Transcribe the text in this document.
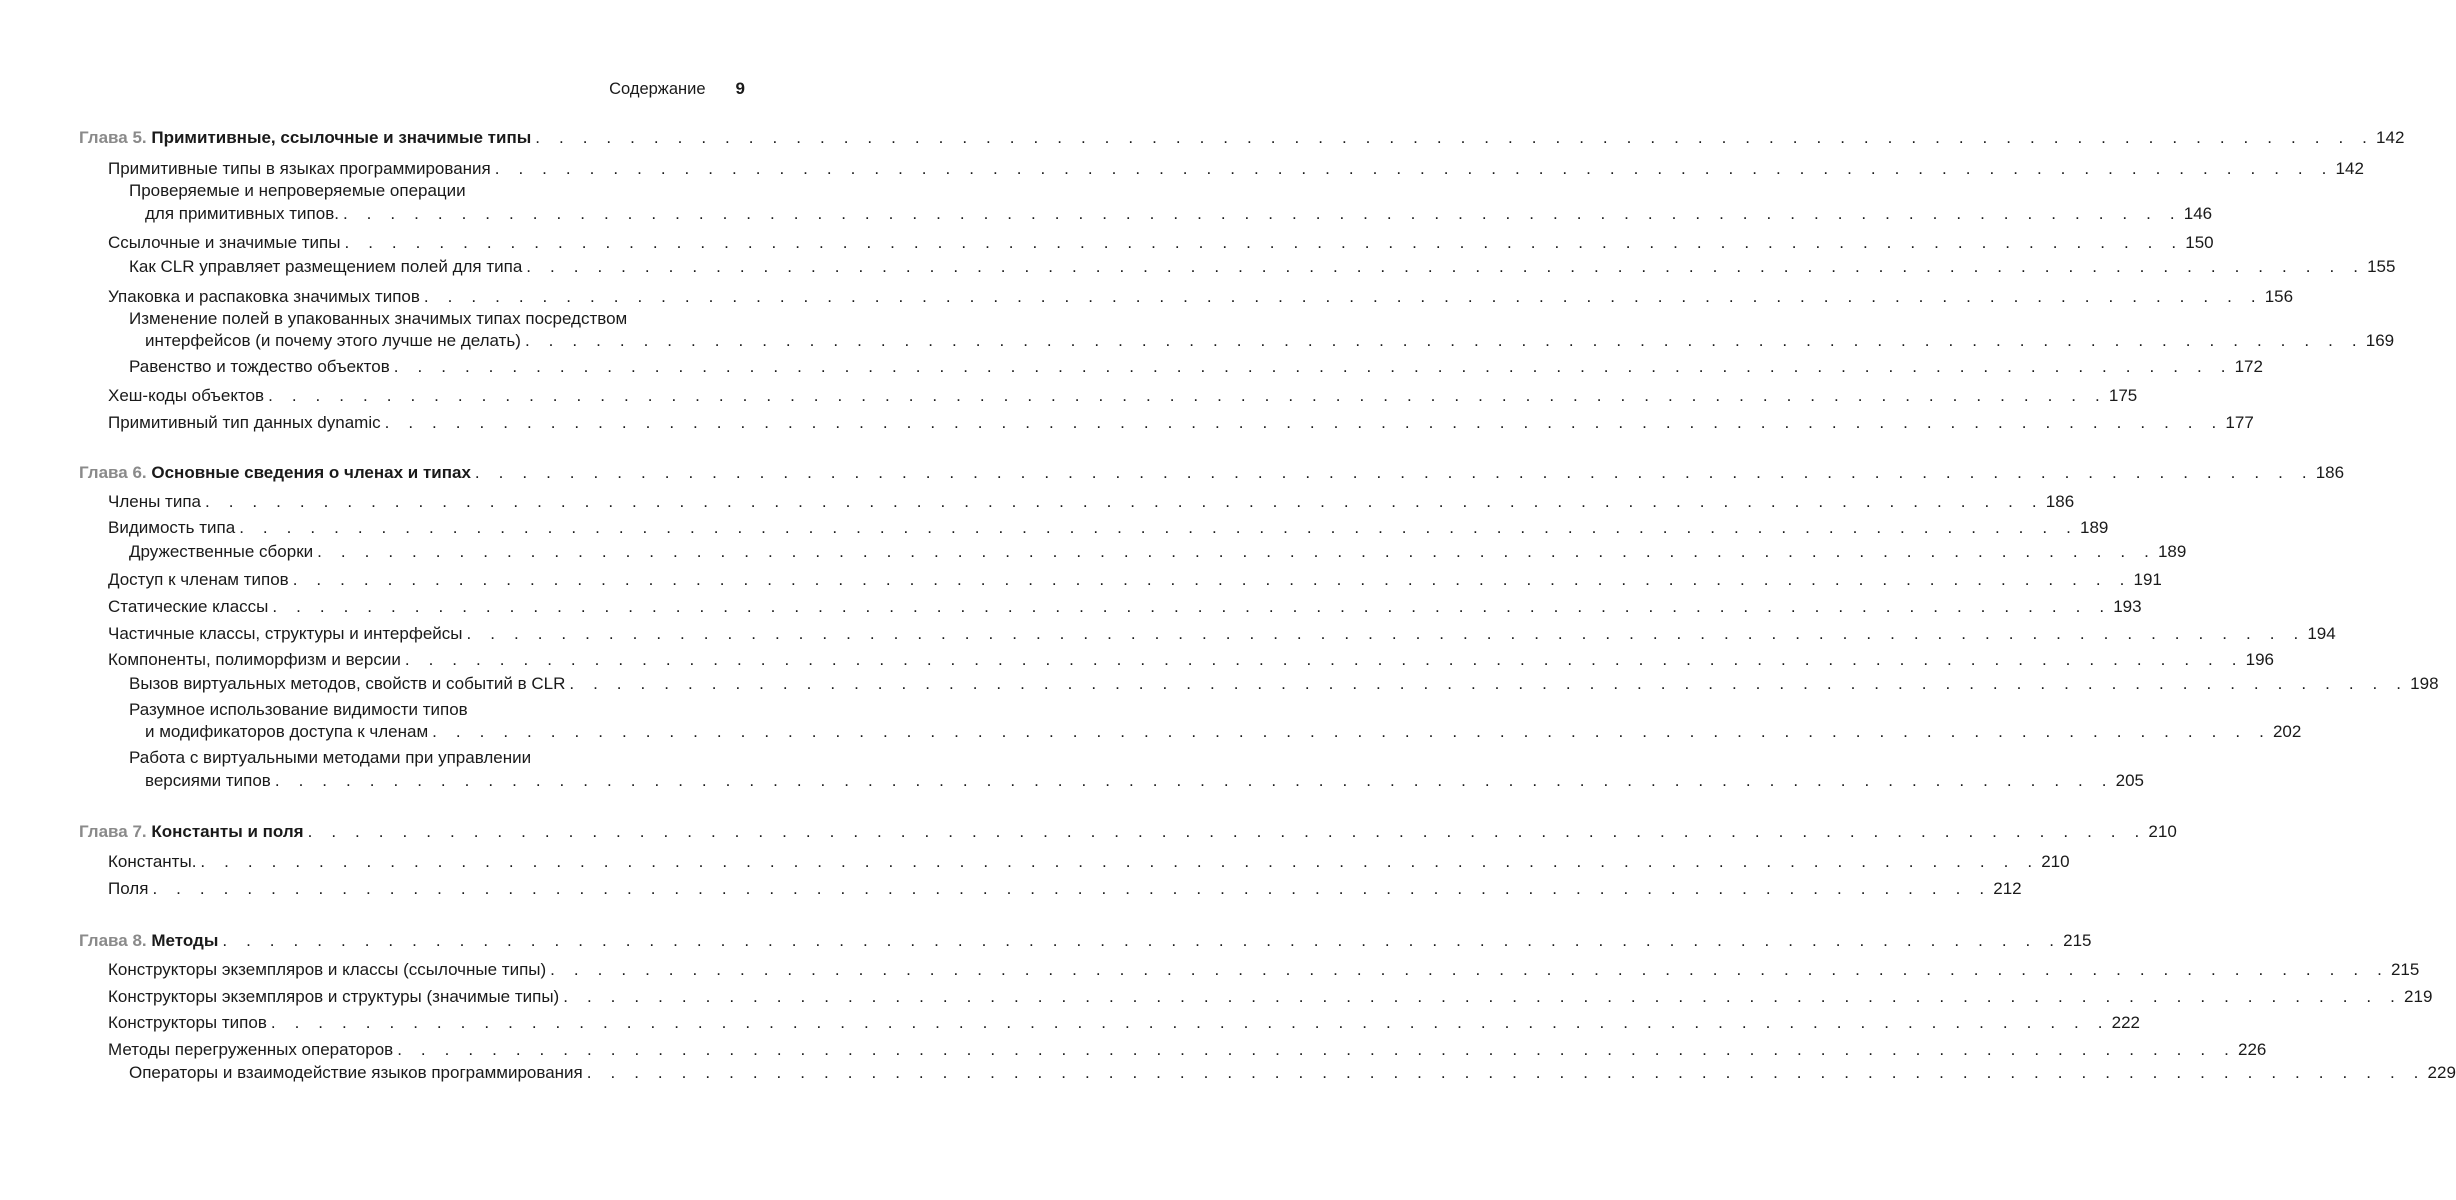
Содержание 9
Глава 5. Примитивные, ссылочные и значимые типы . . . . . . . . . . . . . . . . . . . . . . . . . . . . . . . . . . . . . . . . . . . . . . . . . . . . . . . . . . . . . . . . . . . . . . . . . . . . . . 142
Примитивные типы в языках программирования . . . . . . . . . . . . . . . . . . . . . . . . . . . . . . . . . . . . . . . . . . . . . . . . . . . . . . . . . . . . . . . . . . . . . . . . . . . . . . 142
Проверяемые и непроверяемые операции
для примитивных типов. . . . . . . . . . . . . . . . . . . . . . . . . . . . . . . . . . . . . . . . . . . . . . . . . . . . . . . . . . . . . . . . . . . . . . . . . . . . . . . 146
Ссылочные и значимые типы . . . . . . . . . . . . . . . . . . . . . . . . . . . . . . . . . . . . . . . . . . . . . . . . . . . . . . . . . . . . . . . . . . . . . . . . . . . . . . 150
Как CLR управляет размещением полей для типа . . . . . . . . . . . . . . . . . . . . . . . . . . . . . . . . . . . . . . . . . . . . . . . . . . . . . . . . . . . . . . . . . . . . . . . . . . . . . . 155
Упаковка и распаковка значимых типов . . . . . . . . . . . . . . . . . . . . . . . . . . . . . . . . . . . . . . . . . . . . . . . . . . . . . . . . . . . . . . . . . . . . . . . . . . . . . . 156
Изменение полей в упакованных значимых типах посредством
интерфейсов (и почему этого лучше не делать) . . . . . . . . . . . . . . . . . . . . . . . . . . . . . . . . . . . . . . . . . . . . . . . . . . . . . . . . . . . . . . . . . . . . . . . . . . . . . . 169
Равенство и тождество объектов . . . . . . . . . . . . . . . . . . . . . . . . . . . . . . . . . . . . . . . . . . . . . . . . . . . . . . . . . . . . . . . . . . . . . . . . . . . . . . 172
Хеш-коды объектов . . . . . . . . . . . . . . . . . . . . . . . . . . . . . . . . . . . . . . . . . . . . . . . . . . . . . . . . . . . . . . . . . . . . . . . . . . . . . . 175
Примитивный тип данных dynamic . . . . . . . . . . . . . . . . . . . . . . . . . . . . . . . . . . . . . . . . . . . . . . . . . . . . . . . . . . . . . . . . . . . . . . . . . . . . . . 177
Глава 6. Основные сведения о членах и типах . . . . . . . . . . . . . . . . . . . . . . . . . . . . . . . . . . . . . . . . . . . . . . . . . . . . . . . . . . . . . . . . . . . . . . . . . . . . . . 186
Члены типа . . . . . . . . . . . . . . . . . . . . . . . . . . . . . . . . . . . . . . . . . . . . . . . . . . . . . . . . . . . . . . . . . . . . . . . . . . . . . . 186
Видимость типа . . . . . . . . . . . . . . . . . . . . . . . . . . . . . . . . . . . . . . . . . . . . . . . . . . . . . . . . . . . . . . . . . . . . . . . . . . . . . . 189
Дружественные сборки . . . . . . . . . . . . . . . . . . . . . . . . . . . . . . . . . . . . . . . . . . . . . . . . . . . . . . . . . . . . . . . . . . . . . . . . . . . . . . 189
Доступ к членам типов . . . . . . . . . . . . . . . . . . . . . . . . . . . . . . . . . . . . . . . . . . . . . . . . . . . . . . . . . . . . . . . . . . . . . . . . . . . . . . 191
Статические классы . . . . . . . . . . . . . . . . . . . . . . . . . . . . . . . . . . . . . . . . . . . . . . . . . . . . . . . . . . . . . . . . . . . . . . . . . . . . . . 193
Частичные классы, структуры и интерфейсы . . . . . . . . . . . . . . . . . . . . . . . . . . . . . . . . . . . . . . . . . . . . . . . . . . . . . . . . . . . . . . . . . . . . . . . . . . . . . . 194
Компоненты, полиморфизм и версии . . . . . . . . . . . . . . . . . . . . . . . . . . . . . . . . . . . . . . . . . . . . . . . . . . . . . . . . . . . . . . . . . . . . . . . . . . . . . . 196
Вызов виртуальных методов, свойств и событий в CLR . . . . . . . . . . . . . . . . . . . . . . . . . . . . . . . . . . . . . . . . . . . . . . . . . . . . . . . . . . . . . . . . . . . . . . . . . . . . . . 198
Разумное использование видимости типов
и модификаторов доступа к членам . . . . . . . . . . . . . . . . . . . . . . . . . . . . . . . . . . . . . . . . . . . . . . . . . . . . . . . . . . . . . . . . . . . . . . . . . . . . . . 202
Работа с виртуальными методами при управлении
версиями типов . . . . . . . . . . . . . . . . . . . . . . . . . . . . . . . . . . . . . . . . . . . . . . . . . . . . . . . . . . . . . . . . . . . . . . . . . . . . . . 205
Глава 7. Константы и поля . . . . . . . . . . . . . . . . . . . . . . . . . . . . . . . . . . . . . . . . . . . . . . . . . . . . . . . . . . . . . . . . . . . . . . . . . . . . . . 210
Константы. . . . . . . . . . . . . . . . . . . . . . . . . . . . . . . . . . . . . . . . . . . . . . . . . . . . . . . . . . . . . . . . . . . . . . . . . . . . . . . 210
Поля . . . . . . . . . . . . . . . . . . . . . . . . . . . . . . . . . . . . . . . . . . . . . . . . . . . . . . . . . . . . . . . . . . . . . . . . . . . . . . 212
Глава 8. Методы . . . . . . . . . . . . . . . . . . . . . . . . . . . . . . . . . . . . . . . . . . . . . . . . . . . . . . . . . . . . . . . . . . . . . . . . . . . . . . 215
Конструкторы экземпляров и классы (ссылочные типы) . . . . . . . . . . . . . . . . . . . . . . . . . . . . . . . . . . . . . . . . . . . . . . . . . . . . . . . . . . . . . . . . . . . . . . . . . . . . . . 215
Конструкторы экземпляров и структуры (значимые типы) . . . . . . . . . . . . . . . . . . . . . . . . . . . . . . . . . . . . . . . . . . . . . . . . . . . . . . . . . . . . . . . . . . . . . . . . . . . . . . 219
Конструкторы типов . . . . . . . . . . . . . . . . . . . . . . . . . . . . . . . . . . . . . . . . . . . . . . . . . . . . . . . . . . . . . . . . . . . . . . . . . . . . . . 222
Методы перегруженных операторов . . . . . . . . . . . . . . . . . . . . . . . . . . . . . . . . . . . . . . . . . . . . . . . . . . . . . . . . . . . . . . . . . . . . . . . . . . . . . . 226
Операторы и взаимодействие языков программирования . . . . . . . . . . . . . . . . . . . . . . . . . . . . . . . . . . . . . . . . . . . . . . . . . . . . . . . . . . . . . . . . . . . . . . . . . . . . . . 229
